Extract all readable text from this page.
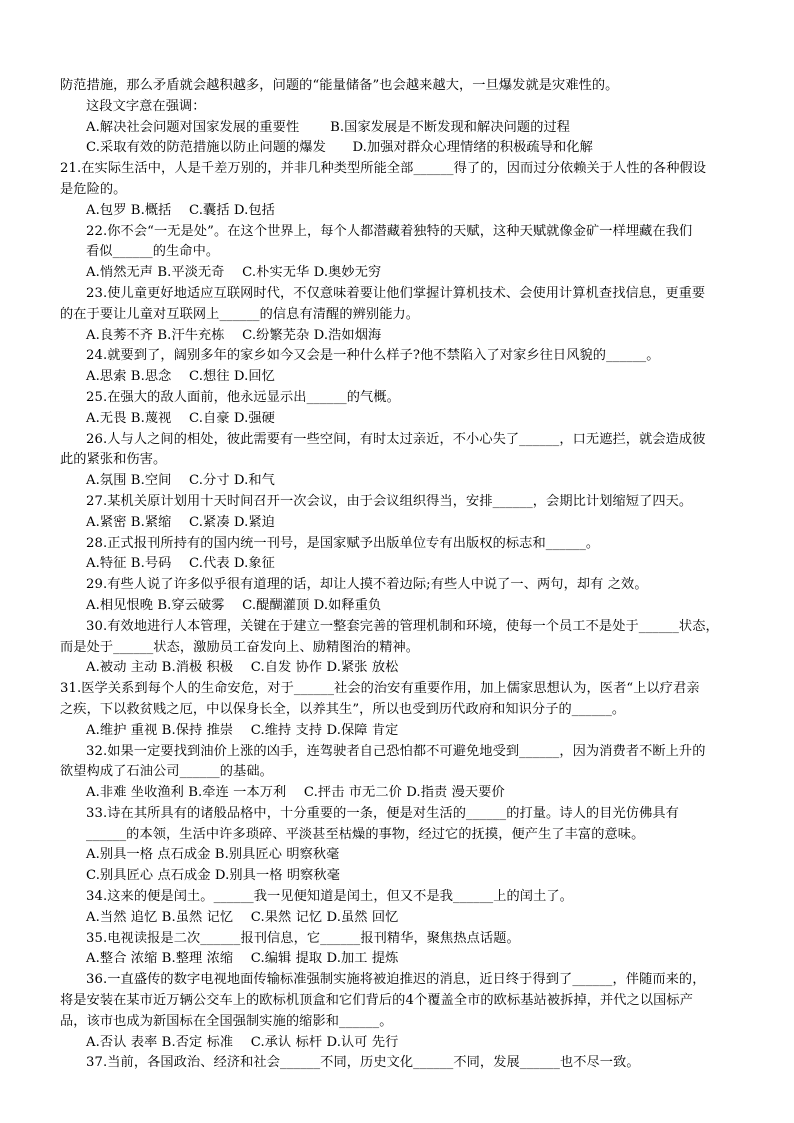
防范措施，那么矛盾就会越积越多，问题的“能量储备”也会越来越大，一旦爆发就是灾难性的。
这段文字意在强调：
A.解决社会问题对国家发展的重要性　　 B.国家发展是不断发现和解决问题的过程
C.采取有效的防范措施以防止问题的爆发　　D.加强对群众心理情绪的积极疏导和化解
21.在实际生活中，人是千差万别的，并非几种类型所能全部______得了的，因而过分依赖关于人性的各种假设
是危险的。
A.包罗 B.概括　 C.囊括 D.包括
22.你不会“一无是处”。在这个世界上，每个人都潜藏着独特的天赋，这种天赋就像金矿一样埋藏在我们
看似______的生命中。
A.悄然无声 B.平淡无奇　 C.朴实无华 D.奥妙无穷
23.使儿童更好地适应互联网时代，不仅意味着要让他们掌握计算机技术、会使用计算机查找信息，更重要
的在于要让儿童对互联网上______的信息有清醒的辨别能力。
A.良莠不齐 B.汗牛充栋　 C.纷繁芜杂 D.浩如烟海
24.就要到了，阔别多年的家乡如今又会是一种什么样子?他不禁陷入了对家乡往日风貌的______。
A.思索 B.思念　 C.想往 D.回忆
25.在强大的敌人面前，他永远显示出______的气概。
A.无畏 B.蔑视　 C.自豪 D.强硬
26.人与人之间的相处，彼此需要有一些空间，有时太过亲近，不小心失了______，口无遮拦，就会造成彼
此的紧张和伤害。
A.氛围 B.空间　 C.分寸 D.和气
27.某机关原计划用十天时间召开一次会议，由于会议组织得当，安排______，会期比计划缩短了四天。
A.紧密 B.紧缩　 C.紧凑 D.紧迫
28.正式报刊所持有的国内统一刊号，是国家赋予出版单位专有出版权的标志和______。
A.特征 B.号码　 C.代表 D.象征
29.有些人说了许多似乎很有道理的话，却让人摸不着边际;有些人中说了一、两句，却有 之效。
A.相见恨晚 B.穿云破雾　 C.醍醐灌顶 D.如释重负
30.有效地进行人本管理，关键在于建立一整套完善的管理机制和环境，使每一个员工不是处于______状态，
而是处于______状态，激励员工奋发向上、励精图治的精神。
A.被动 主动 B.消极 积极　 C.自发 协作 D.紧张 放松
31.医学关系到每个人的生命安危，对于______社会的治安有重要作用，加上儒家思想认为，医者“上以疗君亲
之疾，下以救贫贱之厄，中以保身长全，以养其生”，所以也受到历代政府和知识分子的______。
A.维护 重视 B.保持 推崇　 C.维持 支持 D.保障 肯定
32.如果一定要找到油价上涨的凶手，连驾驶者自己恐怕都不可避免地受到______，因为消费者不断上升的
欲望构成了石油公司______的基础。
A.非难 坐收渔利 B.牵连 一本万利　 C.抨击 市无二价 D.指责 漫天要价
33.诗在其所具有的诸般品格中，十分重要的一条，便是对生活的______的打量。诗人的目光仿佛具有
______的本领，生活中许多琐碎、平淡甚至枯燥的事物，经过它的抚摸，便产生了丰富的意味。
A.别具一格 点石成金 B.别具匠心 明察秋毫
C.别具匠心 点石成金 D.别具一格 明察秋毫
34.这来的便是闰土。______我一见便知道是闰土，但又不是我______上的闰土了。
A.当然 追忆 B.虽然 记忆　 C.果然 记忆 D.虽然 回忆
35.电视读报是二次______报刊信息，它______报刊精华，聚焦热点话题。
A.整合 浓缩 B.整理 浓缩　 C.编辑 提取 D.加工 提炼
36.一直盛传的数字电视地面传输标准强制实施将被迫推迟的消息，近日终于得到了______，伴随而来的，
将是安装在某市近万辆公交车上的欧标机顶盒和它们背后的4个覆盖全市的欧标基站被拆掉，并代之以国标产
品，该市也成为新国标在全国强制实施的缩影和______。
A.否认 表率 B.否定 标准　 C.承认 标杆 D.认可 先行
37.当前，各国政治、经济和社会______不同，历史文化______不同，发展______也不尽一致。
